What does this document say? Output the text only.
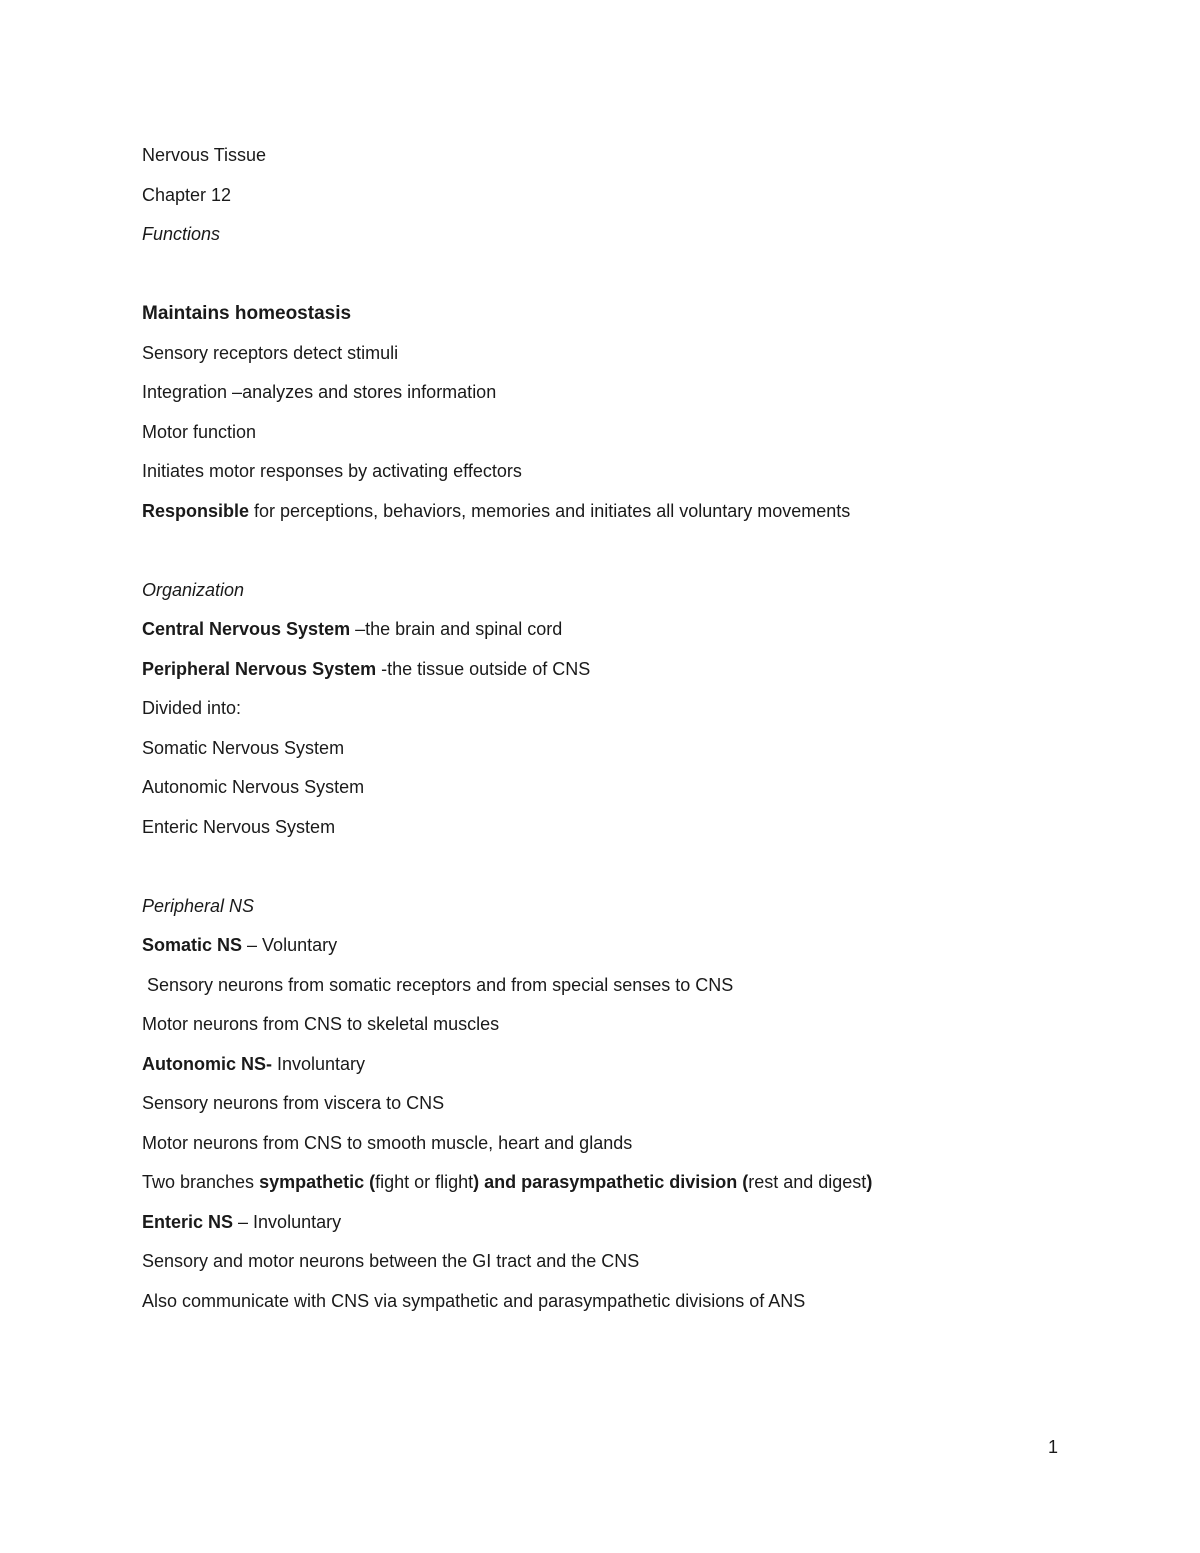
Nervous Tissue
Chapter 12
Functions
Maintains homeostasis
Sensory receptors detect stimuli
Integration –analyzes and stores information
Motor function
Initiates motor responses by activating effectors
Responsible for perceptions, behaviors, memories and initiates all voluntary movements
Organization
Central Nervous System –the brain and spinal cord
Peripheral Nervous System -the tissue outside of CNS
Divided into:
Somatic Nervous System
Autonomic Nervous System
Enteric Nervous System
Peripheral NS
Somatic NS – Voluntary
Sensory neurons from somatic receptors and from special senses to CNS
Motor neurons from CNS to skeletal muscles
Autonomic NS- Involuntary
Sensory neurons from viscera to CNS
Motor neurons from CNS to smooth muscle, heart and glands
Two branches sympathetic (fight or flight) and parasympathetic division (rest and digest)
Enteric NS – Involuntary
Sensory and motor neurons between the GI tract and the CNS
Also communicate with CNS via sympathetic and parasympathetic divisions of ANS
1
